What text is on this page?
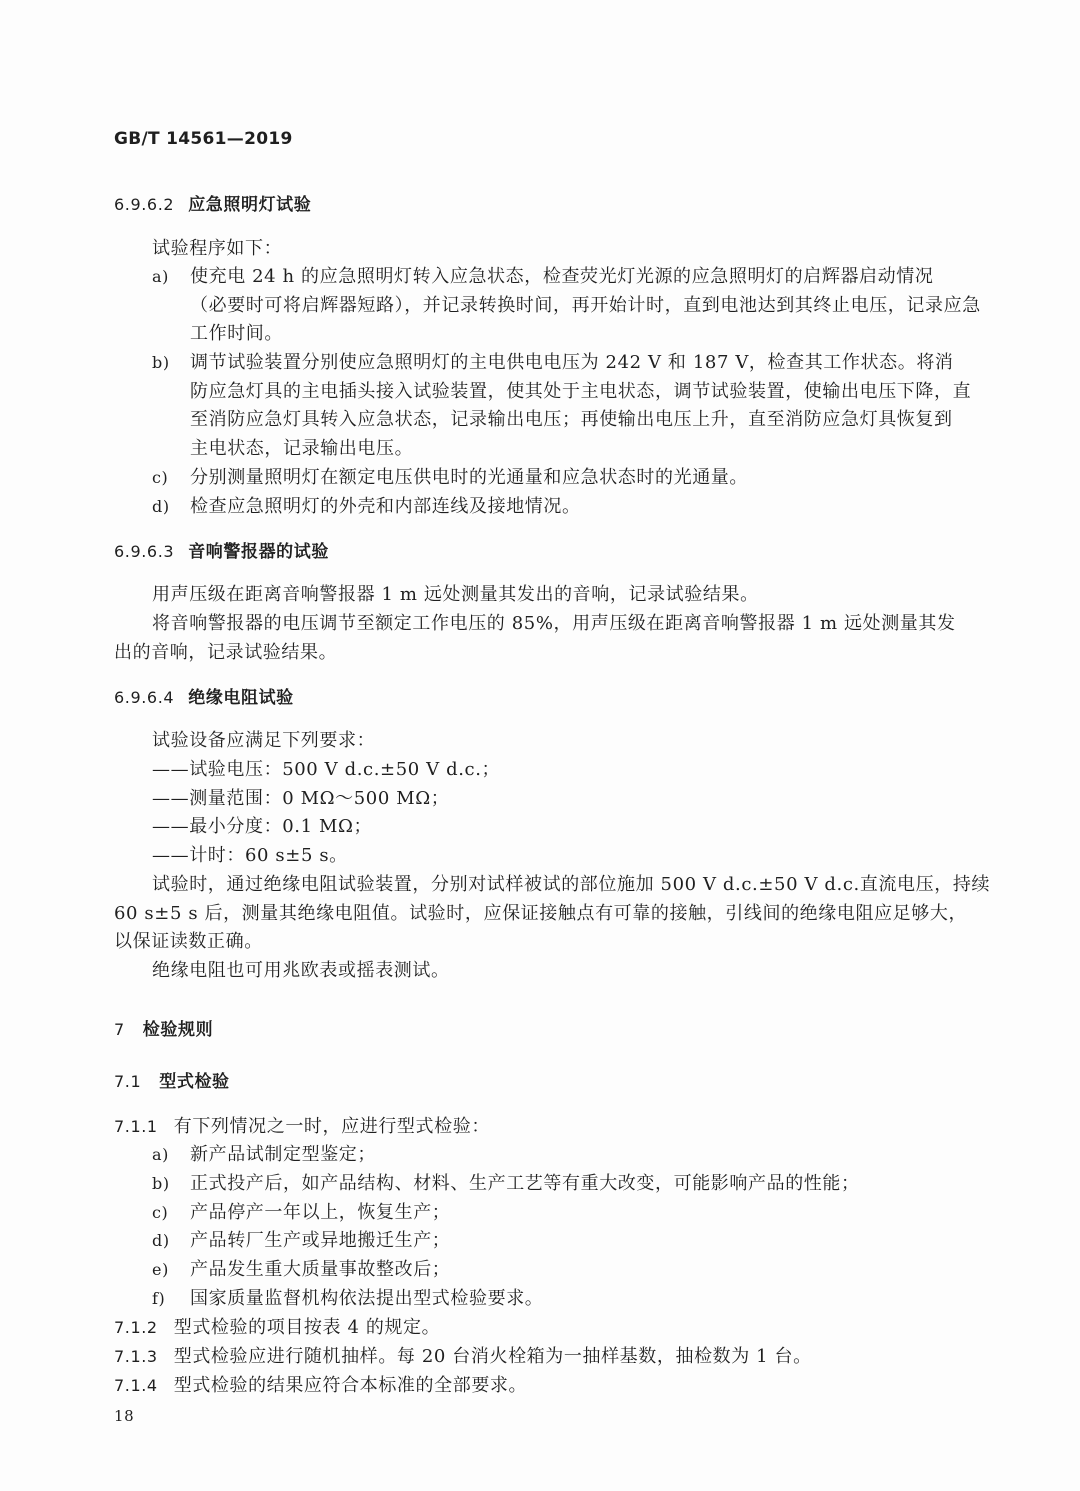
GB/T 14561—2019
6.9.6.2 应急照明灯试验
试验程序如下：
a) 使充电 24 h 的应急照明灯转入应急状态，检查荧光灯光源的应急照明灯的启辉器启动情况
（必要时可将启辉器短路），并记录转换时间，再开始计时，直到电池达到其终止电压，记录应急
工作时间。
b) 调节试验装置分别使应急照明灯的主电供电电压为 242 V 和 187 V，检查其工作状态。将消
防应急灯具的主电插头接入试验装置，使其处于主电状态，调节试验装置，使输出电压下降，直
至消防应急灯具转入应急状态，记录输出电压；再使输出电压上升，直至消防应急灯具恢复到
主电状态，记录输出电压。
c) 分别测量照明灯在额定电压供电时的光通量和应急状态时的光通量。
d) 检查应急照明灯的外壳和内部连线及接地情况。
6.9.6.3 音响警报器的试验
用声压级在距离音响警报器 1 m 远处测量其发出的音响，记录试验结果。
将音响警报器的电压调节至额定工作电压的 85%，用声压级在距离音响警报器 1 m 远处测量其发
出的音响，记录试验结果。
6.9.6.4 绝缘电阻试验
试验设备应满足下列要求：
——试验电压：500 V d.c.±50 V d.c.；
——测量范围：0 MΩ～500 MΩ；
——最小分度：0.1 MΩ；
——计时：60 s±5 s。
试验时，通过绝缘电阻试验装置，分别对试样被试的部位施加 500 V d.c.±50 V d.c.直流电压，持续
60 s±5 s 后，测量其绝缘电阻值。试验时，应保证接触点有可靠的接触，引线间的绝缘电阻应足够大，
以保证读数正确。
绝缘电阻也可用兆欧表或摇表测试。
7 检验规则
7.1 型式检验
7.1.1 有下列情况之一时，应进行型式检验：
a) 新产品试制定型鉴定；
b) 正式投产后，如产品结构、材料、生产工艺等有重大改变，可能影响产品的性能；
c) 产品停产一年以上，恢复生产；
d) 产品转厂生产或异地搬迁生产；
e) 产品发生重大质量事故整改后；
f) 国家质量监督机构依法提出型式检验要求。
7.1.2 型式检验的项目按表 4 的规定。
7.1.3 型式检验应进行随机抽样。每 20 台消火栓箱为一抽样基数，抽检数为 1 台。
7.1.4 型式检验的结果应符合本标准的全部要求。
18
